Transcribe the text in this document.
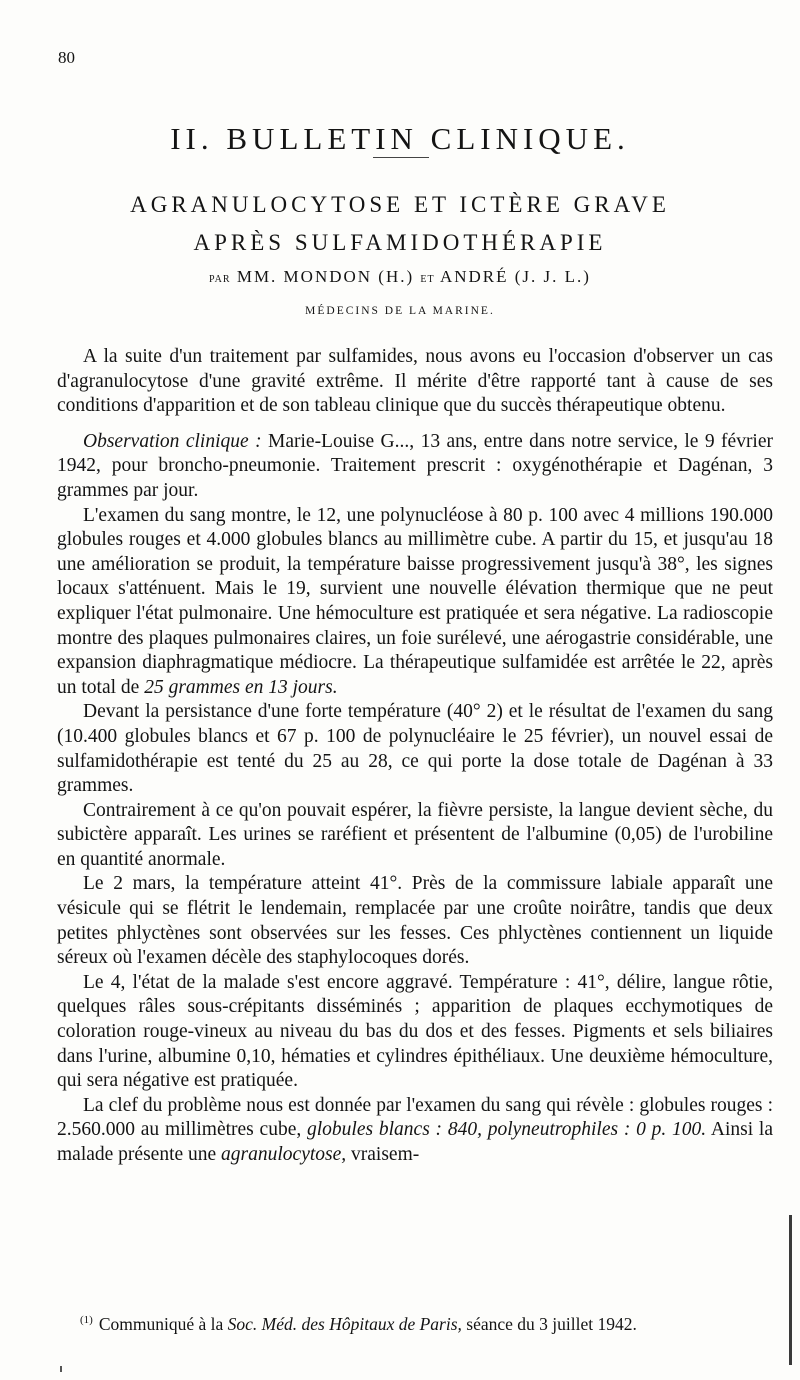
80
II. BULLETIN CLINIQUE.
AGRANULOCYTOSE ET ICTÈRE GRAVE
APRÈS SULFAMIDOTHÉRAPIE
PAR MM. MONDON (H.) ET ANDRÉ (J. J. L.)
MÉDECINS DE LA MARINE.

A la suite d'un traitement par sulfamides, nous avons eu l'occasion d'observer un cas d'agranulocytose d'une gravité extrême. Il mérite d'être rapporté tant à cause de ses conditions d'apparition et de son tableau clinique que du succès thérapeutique obtenu.

Observation clinique : Marie-Louise G..., 13 ans, entre dans notre service, le 9 février 1942, pour broncho-pneumonie. Traitement prescrit : oxygénothérapie et Dagénan, 3 grammes par jour.

L'examen du sang montre, le 12, une polynucléose à 80 p. 100 avec 4 millions 190.000 globules rouges et 4.000 globules blancs au millimètre cube. A partir du 15, et jusqu'au 18 une amélioration se produit, la température baisse progressivement jusqu'à 38°, les signes locaux s'atténuent. Mais le 19, survient une nouvelle élévation thermique que ne peut expliquer l'état pulmonaire. Une hémoculture est pratiquée et sera négative. La radioscopie montre des plaques pulmonaires claires, un foie surélevé, une aérogastrie considérable, une expansion diaphragmatique médiocre. La thérapeutique sulfamidée est arrêtée le 22, après un total de 25 grammes en 13 jours.

Devant la persistance d'une forte température (40° 2) et le résultat de l'examen du sang (10.400 globules blancs et 67 p. 100 de polynucléaire le 25 février), un nouvel essai de sulfamidothérapie est tenté du 25 au 28, ce qui porte la dose totale de Dagénan à 33 grammes.

Contrairement à ce qu'on pouvait espérer, la fièvre persiste, la langue devient sèche, du subictère apparaît. Les urines se raréfient et présentent de l'albumine (0,05) de l'urobiline en quantité anormale.

Le 2 mars, la température atteint 41°. Près de la commissure labiale apparaît une vésicule qui se flétrit le lendemain, remplacée par une croûte noirâtre, tandis que deux petites phlyctènes sont observées sur les fesses. Ces phlyctènes contiennent un liquide séreux où l'examen décèle des staphylocoques dorés.

Le 4, l'état de la malade s'est encore aggravé. Température : 41°, délire, langue rôtie, quelques râles sous-crépitants disséminés ; apparition de plaques ecchymotiques de coloration rouge-vineux au niveau du bas du dos et des fesses. Pigments et sels biliaires dans l'urine, albumine 0,10, hématies et cylindres épithéliaux. Une deuxième hémoculture, qui sera négative est pratiquée.

La clef du problème nous est donnée par l'examen du sang qui révèle : globules rouges : 2.560.000 au millimètres cube, globules blancs : 840, polyneutrophiles : 0 p. 100. Ainsi la malade présente une agranulocytose, vraisem-

$^{(1)}$ Communiqué à la Soc. Méd. des Hôpitaux de Paris, séance du 3 juillet 1942.
